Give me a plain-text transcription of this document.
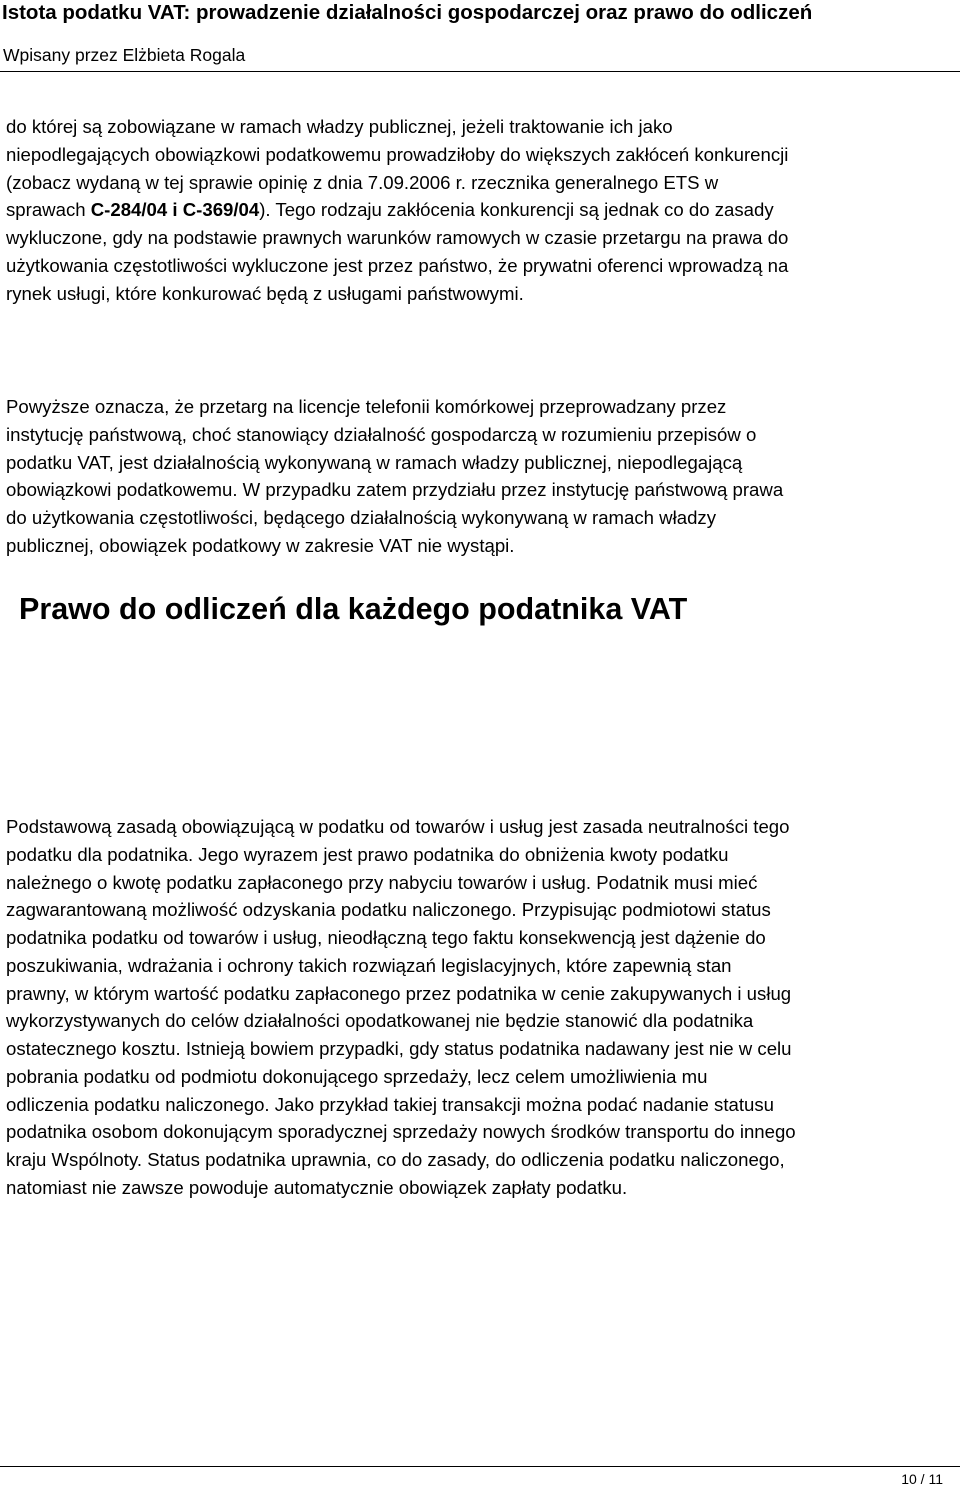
Istota podatku VAT: prowadzenie działalności gospodarczej oraz prawo do odliczeń
Wpisany przez Elżbieta Rogala

do której są zobowiązane w ramach władzy publicznej, jeżeli traktowanie ich jako
niepodlegających obowiązkowi podatkowemu prowadziłoby do większych zakłóceń konkurencji
(zobacz wydaną w tej sprawie opinię z dnia 7.09.2006 r. rzecznika generalnego ETS w
sprawach C-284/04 i C-369/04). Tego rodzaju zakłócenia konkurencji są jednak co do zasady
wykluczone, gdy na podstawie prawnych warunków ramowych w czasie przetargu na prawa do
użytkowania częstotliwości wykluczone jest przez państwo, że prywatni oferenci wprowadzą na
rynek usługi, które konkurować będą z usługami państwowymi.

Powyższe oznacza, że przetarg na licencje telefonii komórkowej przeprowadzany przez
instytucję państwową, choć stanowiący działalność gospodarczą w rozumieniu przepisów o
podatku VAT, jest działalnością wykonywaną w ramach władzy publicznej, niepodlegającą
obowiązkowi podatkowemu. W przypadku zatem przydziału przez instytucję państwową prawa
do użytkowania częstotliwości, będącego działalnością wykonywaną w ramach władzy
publicznej, obowiązek podatkowy w zakresie VAT nie wystąpi.

Prawo do odliczeń dla każdego podatnika VAT

Podstawową zasadą obowiązującą w podatku od towarów i usług jest zasada neutralności tego
podatku dla podatnika. Jego wyrazem jest prawo podatnika do obniżenia kwoty podatku
należnego o kwotę podatku zapłaconego przy nabyciu towarów i usług. Podatnik musi mieć
zagwarantowaną możliwość odzyskania podatku naliczonego. Przypisując podmiotowi status
podatnika podatku od towarów i usług, nieodłączną tego faktu konsekwencją jest dążenie do
poszukiwania, wdrażania i ochrony takich rozwiązań legislacyjnych, które zapewnią stan
prawny, w którym wartość podatku zapłaconego przez podatnika w cenie zakupywanych i usług
wykorzystywanych do celów działalności opodatkowanej nie będzie stanowić dla podatnika
ostatecznego kosztu. Istnieją bowiem przypadki, gdy status podatnika nadawany jest nie w celu
pobrania podatku od podmiotu dokonującego sprzedaży, lecz celem umożliwienia mu
odliczenia podatku naliczonego. Jako przykład takiej transakcji można podać nadanie statusu
podatnika osobom dokonującym sporadycznej sprzedaży nowych środków transportu do innego
kraju Wspólnoty. Status podatnika uprawnia, co do zasady, do odliczenia podatku naliczonego,
natomiast nie zawsze powoduje automatycznie obowiązek zapłaty podatku.

10 / 11
